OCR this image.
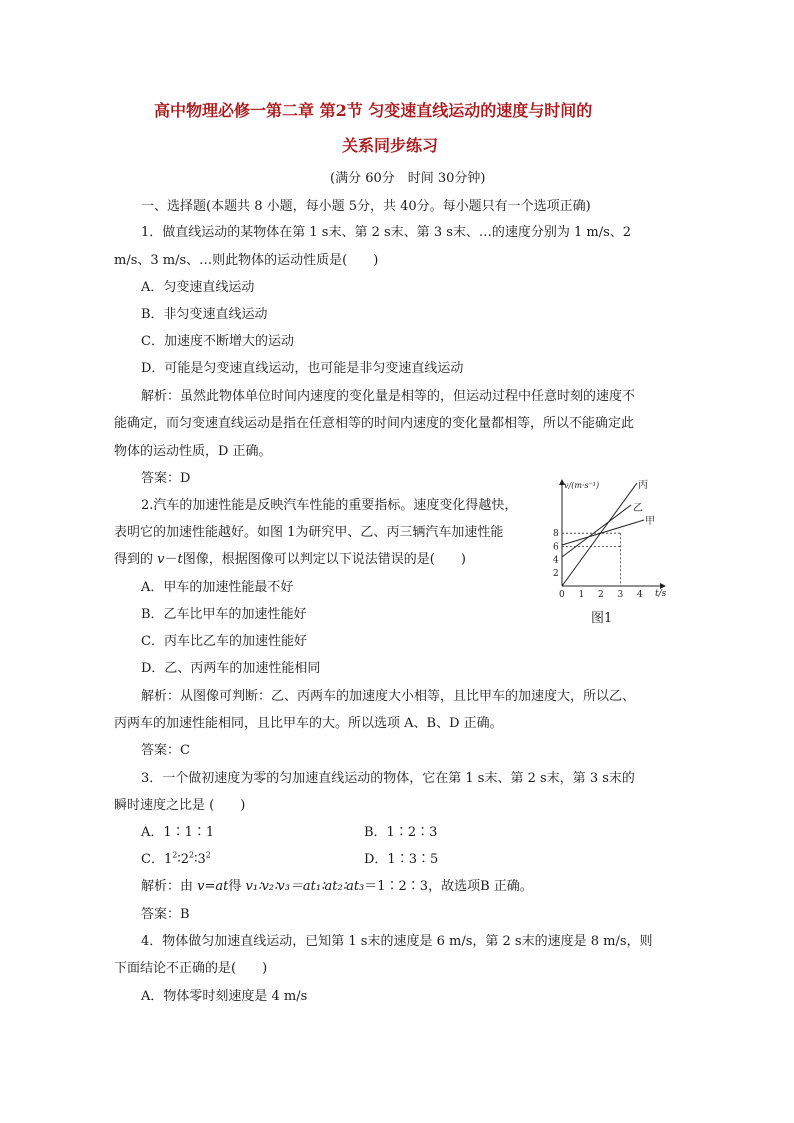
高中物理必修一第二章 第2节 匀变速直线运动的速度与时间的
关系同步练习
(满分 60分　时间 30分钟)
一、选择题(本题共 8 小题，每小题 5分，共 40分。每小题只有一个选项正确)
1．做直线运动的某物体在第 1 s末、第 2 s末、第 3 s末、…的速度分别为 1 m/s、2
m/s、3 m/s、…则此物体的运动性质是(　　)
A．匀变速直线运动
B．非匀变速直线运动
C．加速度不断增大的运动
D．可能是匀变速直线运动，也可能是非匀变速直线运动
解析：虽然此物体单位时间内速度的变化量是相等的，但运动过程中任意时刻的速度不
能确定，而匀变速直线运动是指在任意相等的时间内速度的变化量都相等，所以不能确定此
物体的运动性质，D 正确。
答案：D
2.汽车的加速性能是反映汽车性能的重要指标。速度变化得越快，
表明它的加速性能越好。如图 1为研究甲、乙、丙三辆汽车加速性能
得到的 v－t图像，根据图像可以判定以下说法错误的是(　　)
A．甲车的加速性能最不好
B．乙车比甲车的加速性能好
C．丙车比乙车的加速性能好
D．乙、丙两车的加速性能相同
解析：从图像可判断：乙、丙两车的加速度大小相等，且比甲车的加速度大，所以乙、
丙两车的加速性能相同，且比甲车的大。所以选项 A、B、D 正确。
答案：C
v/(m·s⁻¹)
t/s
0 1 2 3 4
8
6
4
2
丙
乙
甲
图1
3．一个做初速度为零的匀加速直线运动的物体，它在第 1 s末、第 2 s末，第 3 s末的
瞬时速度之比是 (　　)
A．1∶1∶1	B．1∶2∶3
C．$1^2∶2^2∶3^2$	D．1∶3∶5
解析：由 v=at得 v₁∶v₂∶v₃＝at₁∶at₂∶at₃＝1∶2∶3，故选项B 正确。
答案：B
4．物体做匀加速直线运动，已知第 1 s末的速度是 6 m/s，第 2 s末的速度是 8 m/s，则
下面结论不正确的是(　　)
A．物体零时刻速度是 4 m/s
